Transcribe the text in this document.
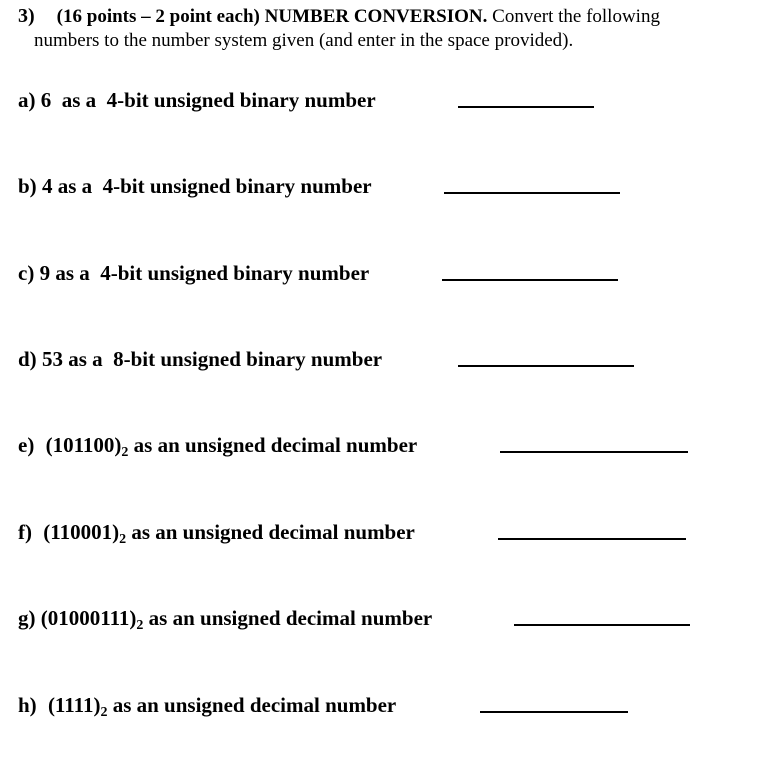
3) (16 points – 2 point each) NUMBER CONVERSION. Convert the following
numbers to the number system given (and enter in the space provided).
a) 6  as a  4-bit unsigned binary number
b) 4 as a  4-bit unsigned binary number
c) 9 as a  4-bit unsigned binary number
d) 53 as a  8-bit unsigned binary number
e) (101100)2 as an unsigned decimal number
f) (110001)2 as an unsigned decimal number
g) (01000111)2 as an unsigned decimal number
h) (1111)2 as an unsigned decimal number
